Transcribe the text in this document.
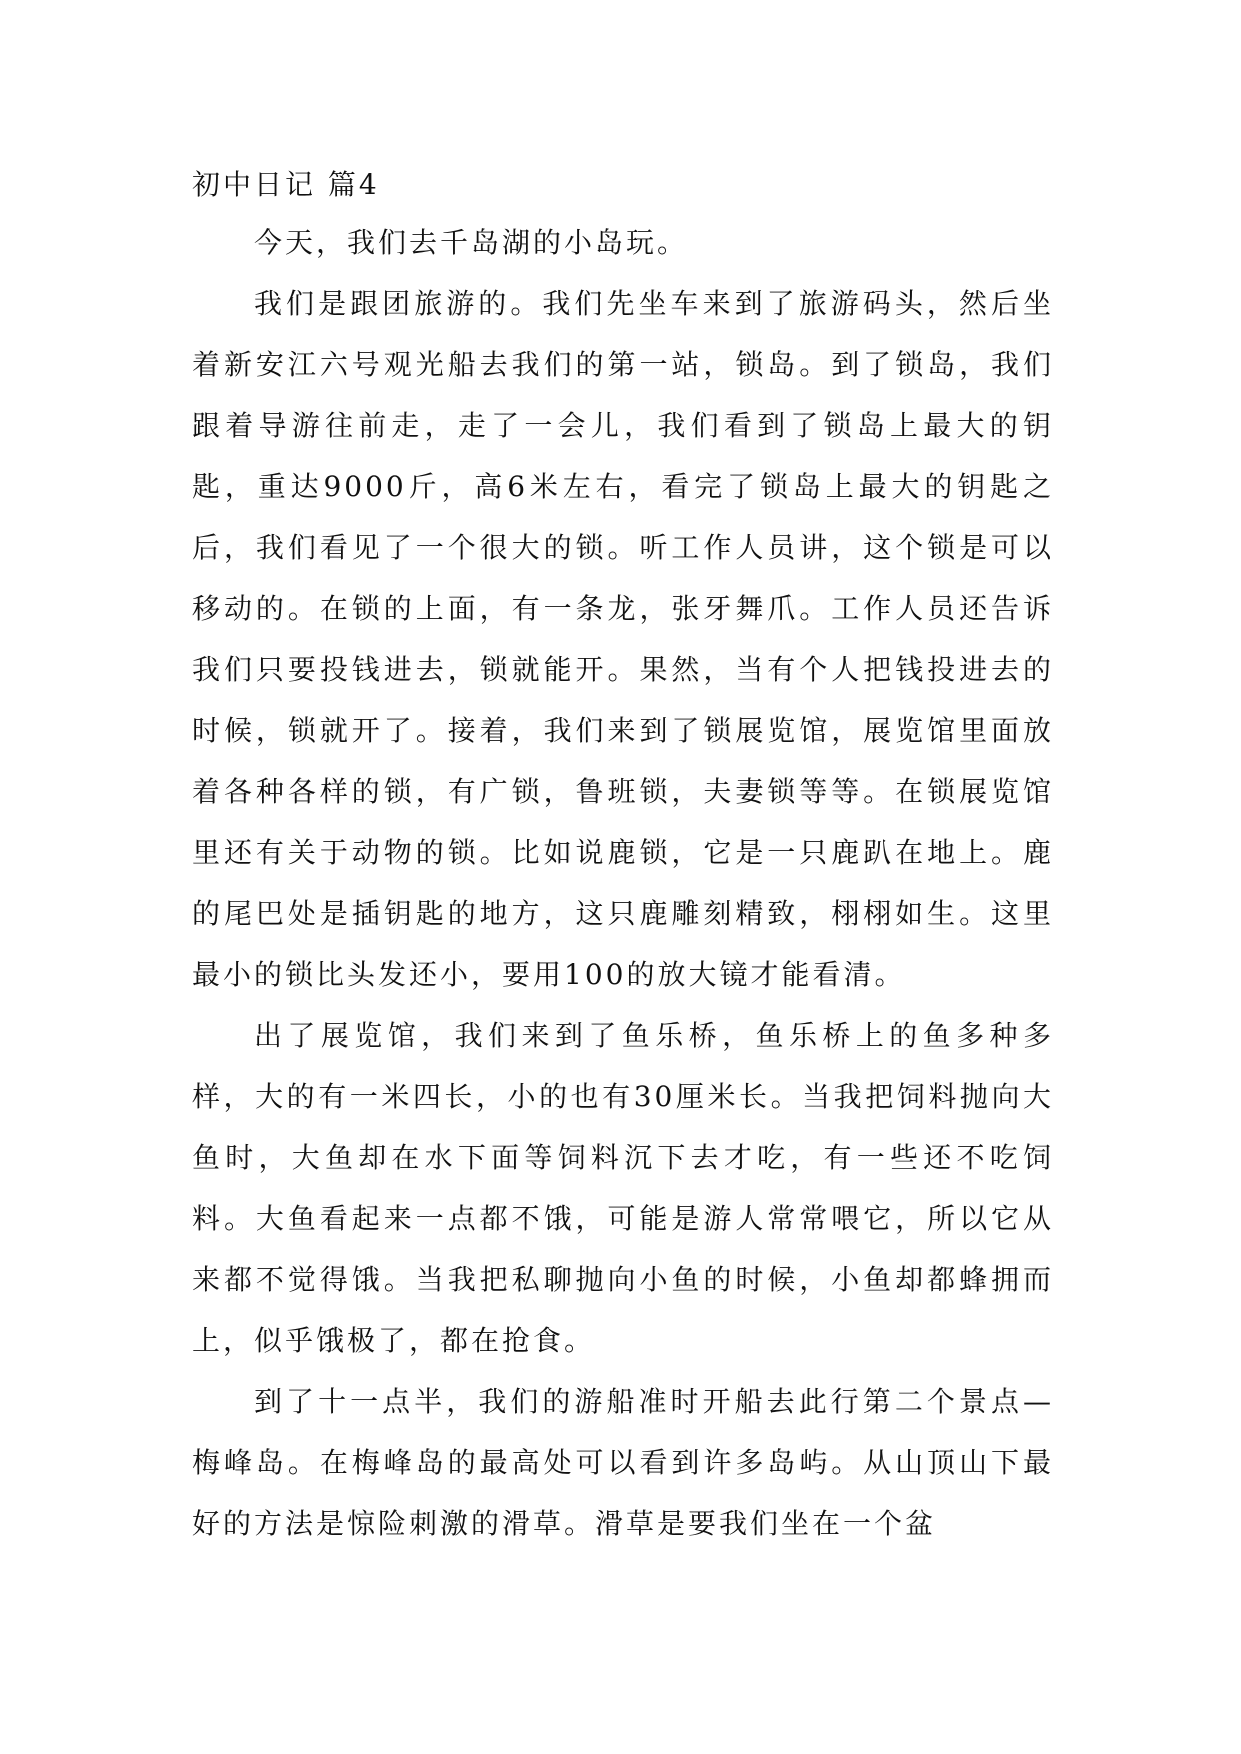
初中日记 篇4

今天，我们去千岛湖的小岛玩。

我们是跟团旅游的。我们先坐车来到了旅游码头，然后坐着新安江六号观光船去我们的第一站，锁岛。到了锁岛，我们跟着导游往前走，走了一会儿，我们看到了锁岛上最大的钥匙，重达9000斤，高6米左右，看完了锁岛上最大的钥匙之后，我们看见了一个很大的锁。听工作人员讲，这个锁是可以移动的。在锁的上面，有一条龙，张牙舞爪。工作人员还告诉我们只要投钱进去，锁就能开。果然，当有个人把钱投进去的时候，锁就开了。接着，我们来到了锁展览馆，展览馆里面放着各种各样的锁，有广锁，鲁班锁，夫妻锁等等。在锁展览馆里还有关于动物的锁。比如说鹿锁，它是一只鹿趴在地上。鹿的尾巴处是插钥匙的地方，这只鹿雕刻精致，栩栩如生。这里最小的锁比头发还小，要用100的放大镜才能看清。

出了展览馆，我们来到了鱼乐桥，鱼乐桥上的鱼多种多样，大的有一米四长，小的也有30厘米长。当我把饲料抛向大鱼时，大鱼却在水下面等饲料沉下去才吃，有一些还不吃饲料。大鱼看起来一点都不饿，可能是游人常常喂它，所以它从来都不觉得饿。当我把私聊抛向小鱼的时候，小鱼却都蜂拥而上，似乎饿极了，都在抢食。

到了十一点半，我们的游船准时开船去此行第二个景点—梅峰岛。在梅峰岛的最高处可以看到许多岛屿。从山顶山下最好的方法是惊险刺激的滑草。滑草是要我们坐在一个盆
